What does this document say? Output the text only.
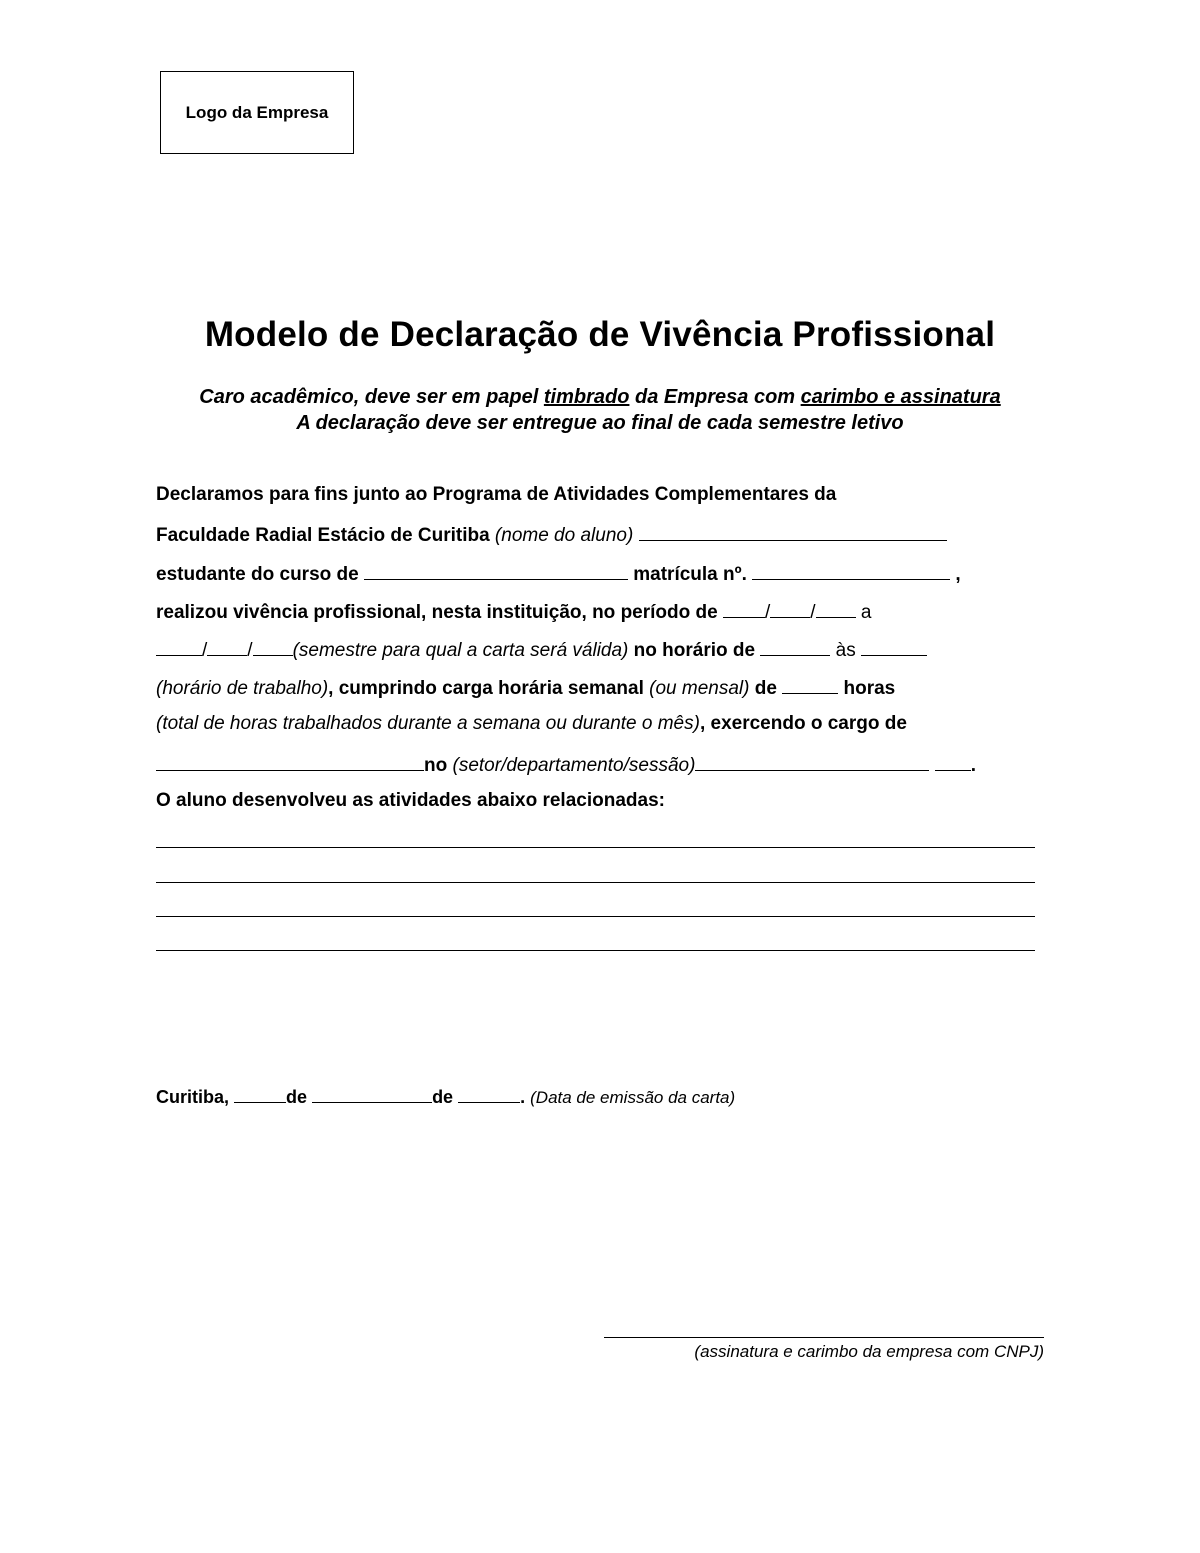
Logo da Empresa
Modelo de Declaração de Vivência Profissional
Caro acadêmico, deve ser em papel timbrado da Empresa com carimbo e assinatura
A declaração deve ser entregue ao final de cada semestre letivo
Declaramos para fins junto ao Programa de Atividades Complementares da
Faculdade Radial Estácio de Curitiba (nome do aluno)
estudante do curso de	matrícula nº.	,
realizou vivência profissional, nesta instituição, no período de / / a
/ / (semestre para qual a carta será válida) no horário de	às
(horário de trabalho), cumprindo carga horária semanal (ou mensal) de	horas
(total de horas trabalhados durante a semana ou durante o mês), exercendo o cargo de
no (setor/departamento/sessão)	.
O aluno desenvolveu as atividades abaixo relacionadas:
Curitiba,	de	de	. (Data de emissão da carta)
(assinatura e carimbo da empresa com CNPJ)
